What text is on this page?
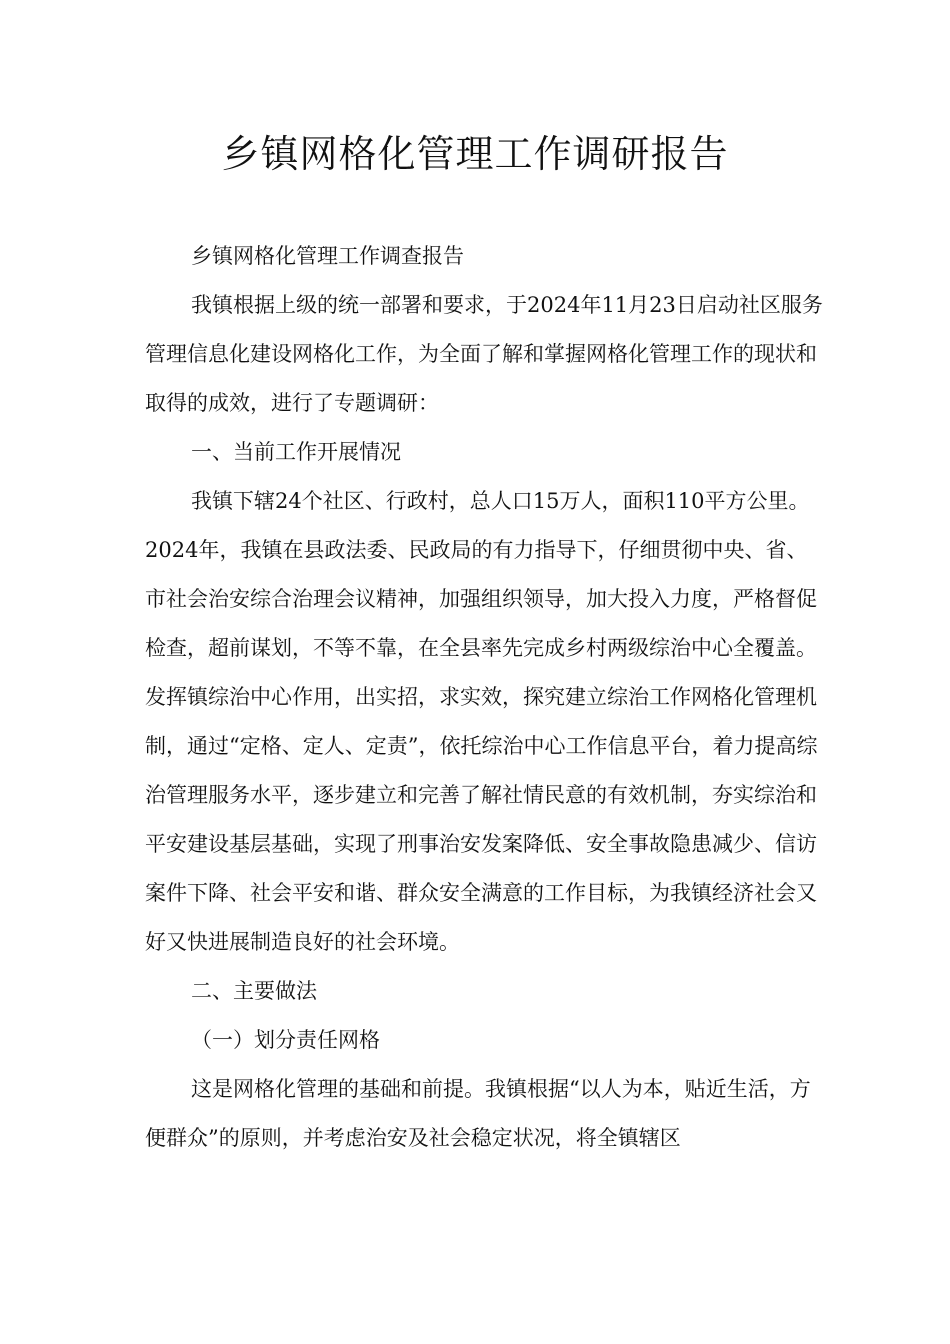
乡镇网格化管理工作调研报告

乡镇网格化管理工作调查报告

我镇根据上级的统一部署和要求，于2024年11月23日启动社区服务管理信息化建设网格化工作，为全面了解和掌握网格化管理工作的现状和取得的成效，进行了专题调研：

一、当前工作开展情况

我镇下辖24个社区、行政村，总人口15万人，面积110平方公里。2024年，我镇在县政法委、民政局的有力指导下，仔细贯彻中央、省、市社会治安综合治理会议精神，加强组织领导，加大投入力度，严格督促检查，超前谋划，不等不靠，在全县率先完成乡村两级综治中心全覆盖。发挥镇综治中心作用，出实招，求实效，探究建立综治工作网格化管理机制，通过“定格、定人、定责”，依托综治中心工作信息平台，着力提高综治管理服务水平，逐步建立和完善了解社情民意的有效机制，夯实综治和平安建设基层基础，实现了刑事治安发案降低、安全事故隐患减少、信访案件下降、社会平安和谐、群众安全满意的工作目标，为我镇经济社会又好又快进展制造良好的社会环境。

二、主要做法

（一）划分责任网格

这是网格化管理的基础和前提。我镇根据“以人为本，贴近生活，方便群众”的原则，并考虑治安及社会稳定状况，将全镇辖区
